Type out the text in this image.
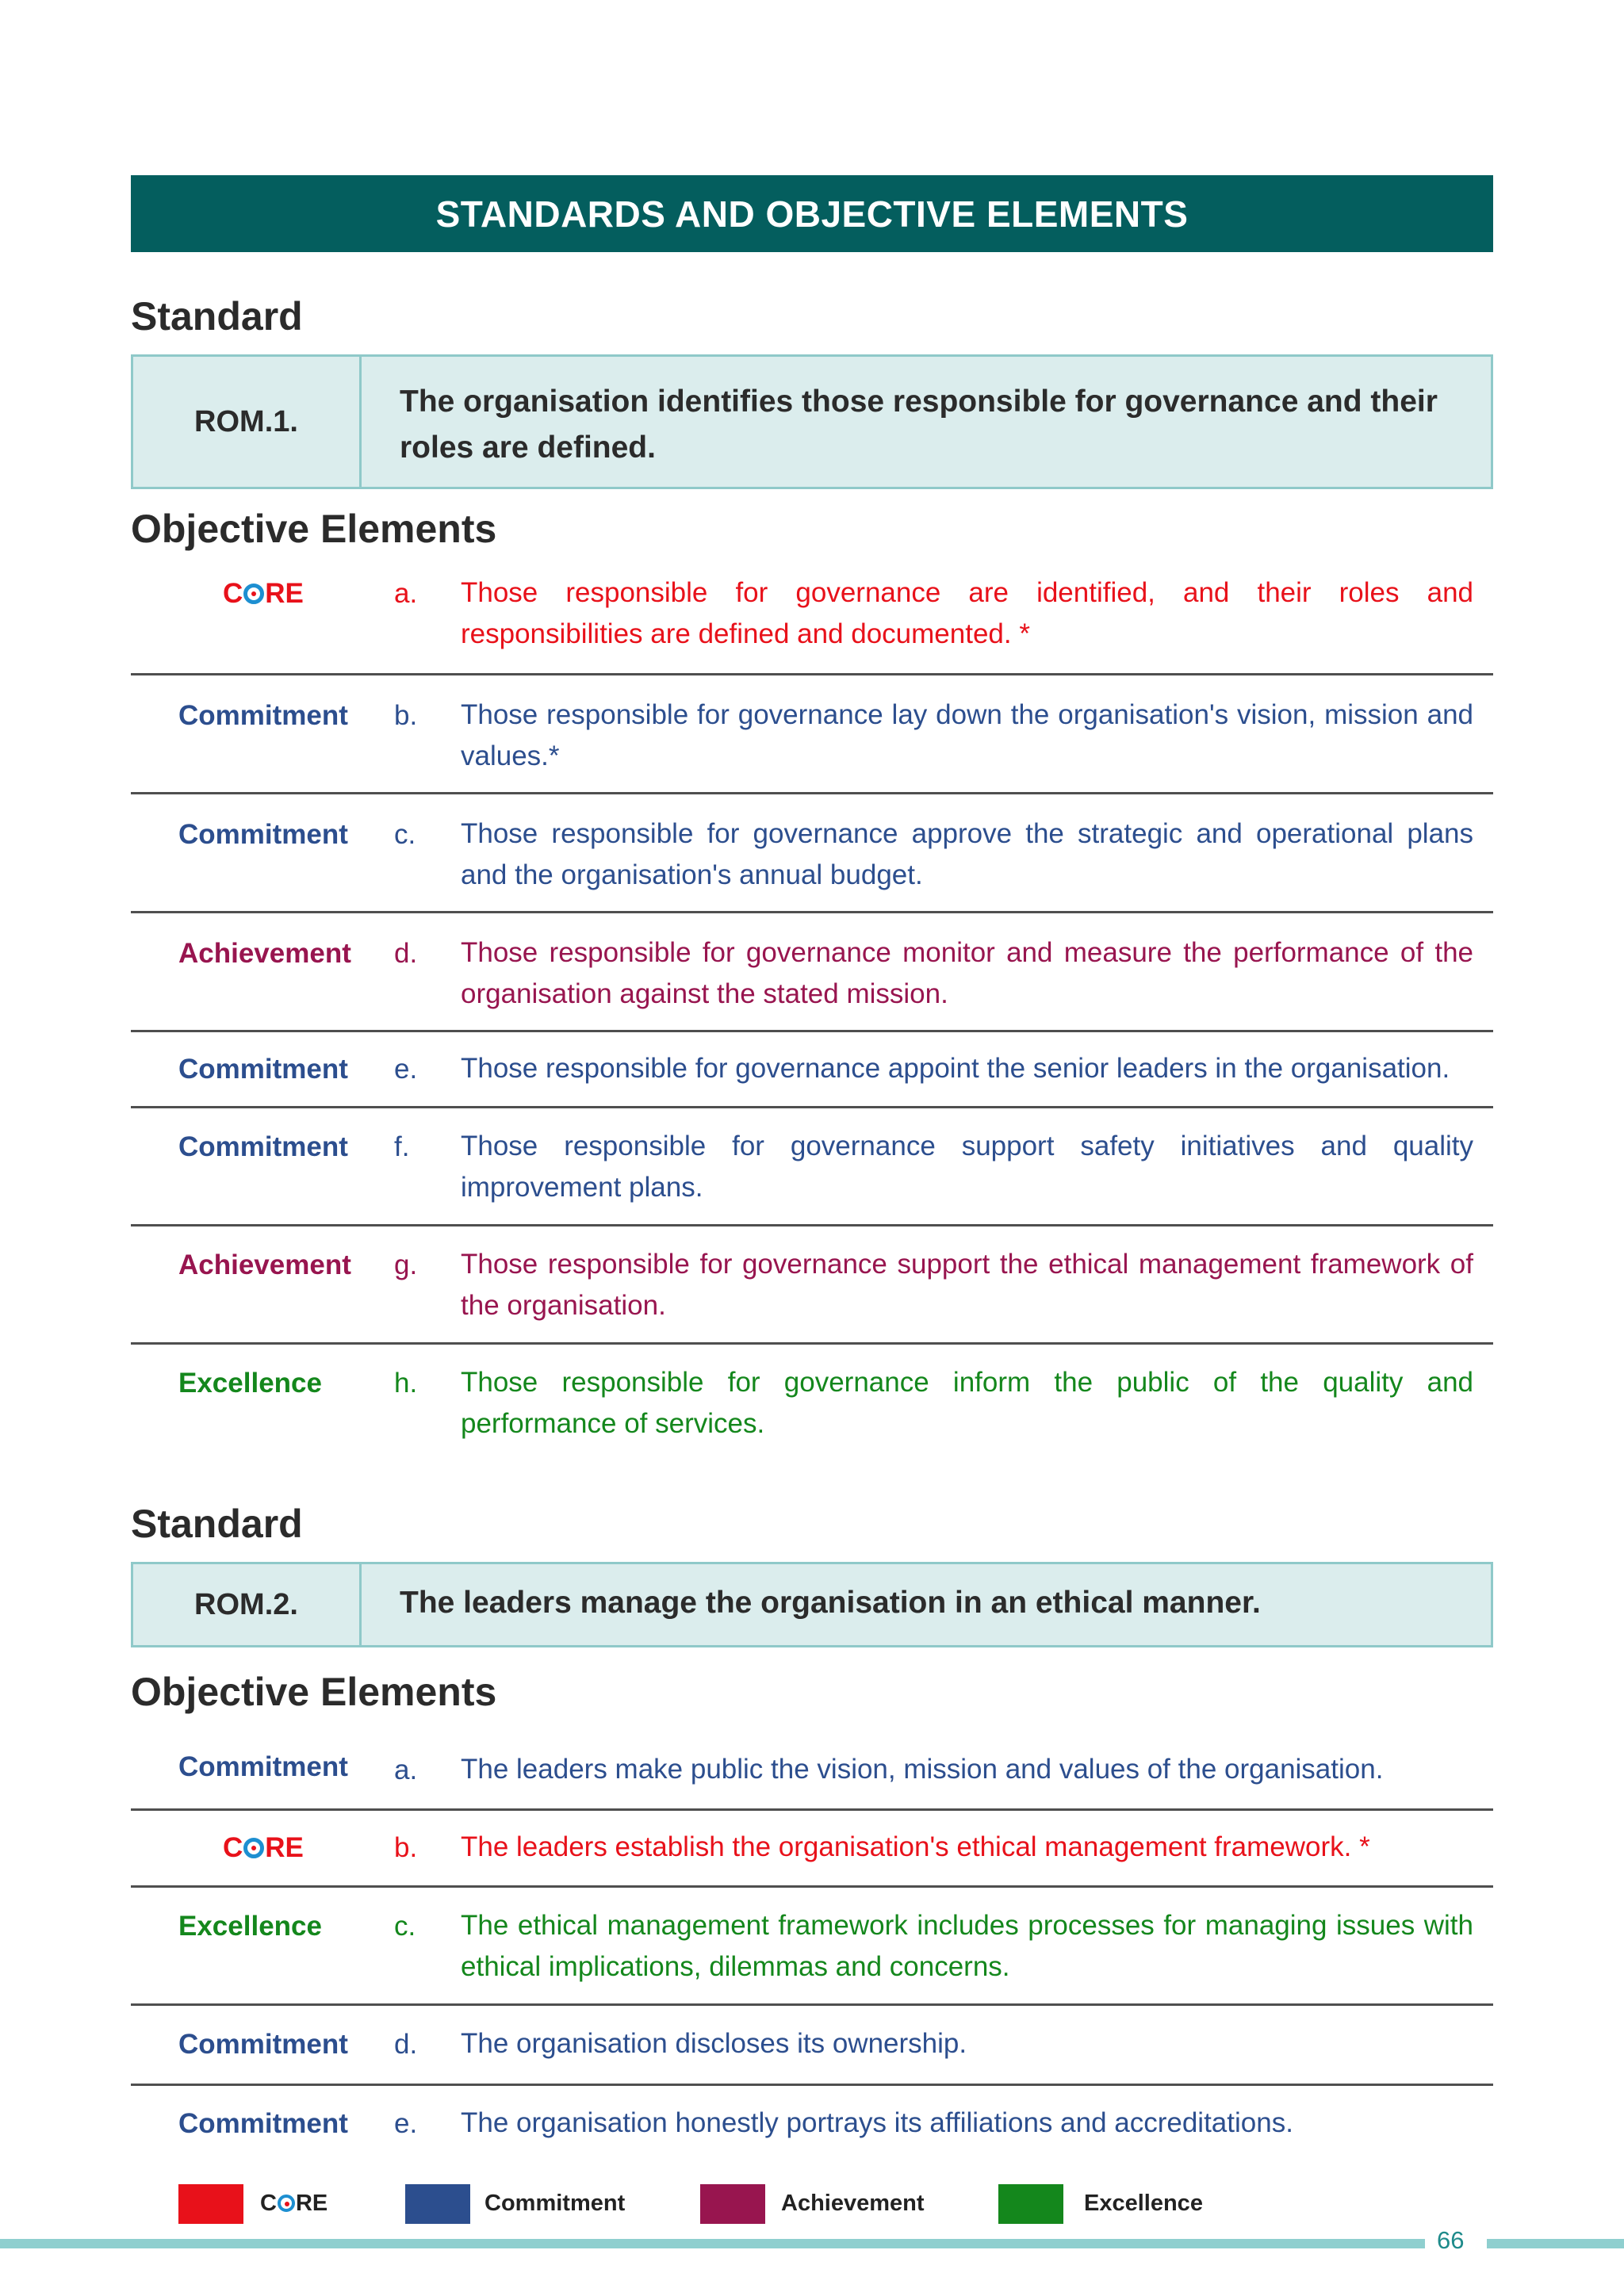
STANDARDS AND OBJECTIVE ELEMENTS
Standard
ROM.1.
The organisation identifies those responsible for governance and their roles are defined.
Objective Elements
C RE	a. Those responsible for governance are identified, and their roles and responsibilities are defined and documented. *
Commitment b. Those responsible for governance lay down the organisation's vision, mission and values.*
Commitment c. Those responsible for governance approve the strategic and operational plans and the organisation's annual budget.
Achievement d. Those responsible for governance monitor and measure the performance of the organisation against the stated mission.
Commitment e. Those responsible for governance appoint the senior leaders in the organisation.
Commitment f. Those responsible for governance support safety initiatives and quality improvement plans.
Achievement g. Those responsible for governance support the ethical management framework of the organisation.
Excellence	h. Those responsible for governance inform the public of the quality and performance of services.
Standard
ROM.2.	The leaders manage the organisation in an ethical manner.
Objective Elements
Commitment a. The leaders make public the vision, mission and values of the organisation.
C RE	b. The leaders establish the organisation's ethical management framework. *
Excellence	c. The ethical management framework includes processes for managing issues with ethical implications, dilemmas and concerns.
Commitment d. The organisation discloses its ownership.
Commitment e. The organisation honestly portrays its affiliations and accreditations.
C RE	Commitment	Achievement	Excellence
66
